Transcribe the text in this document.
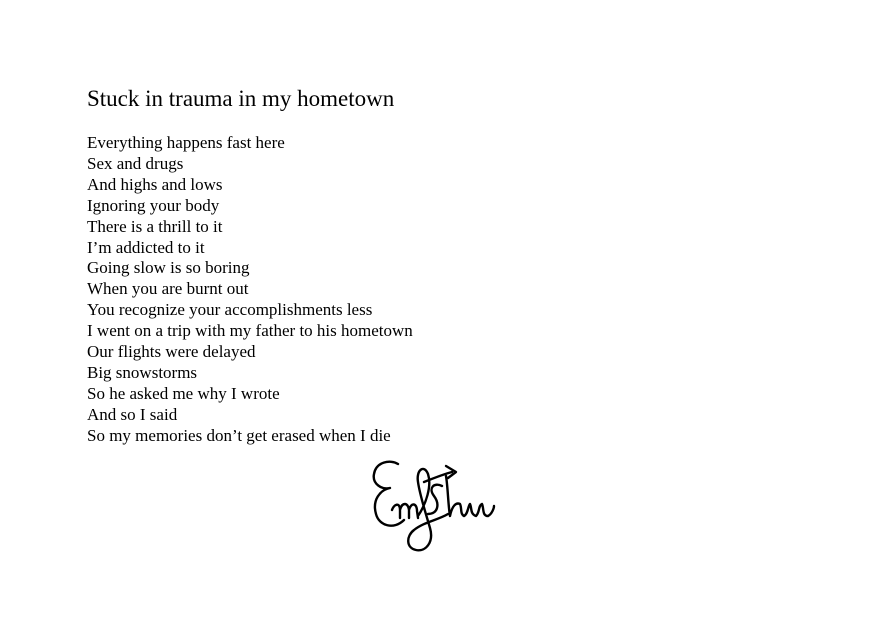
Stuck in trauma in my hometown
Everything happens fast here
Sex and drugs
And highs and lows
Ignoring your body
There is a thrill to it
I’m addicted to it
Going slow is so boring
When you are burnt out
You recognize your accomplishments less
I went on a trip with my father to his hometown
Our flights were delayed
Big snowstorms
So he asked me why I wrote
And so I said
So my memories don’t get erased when I die
